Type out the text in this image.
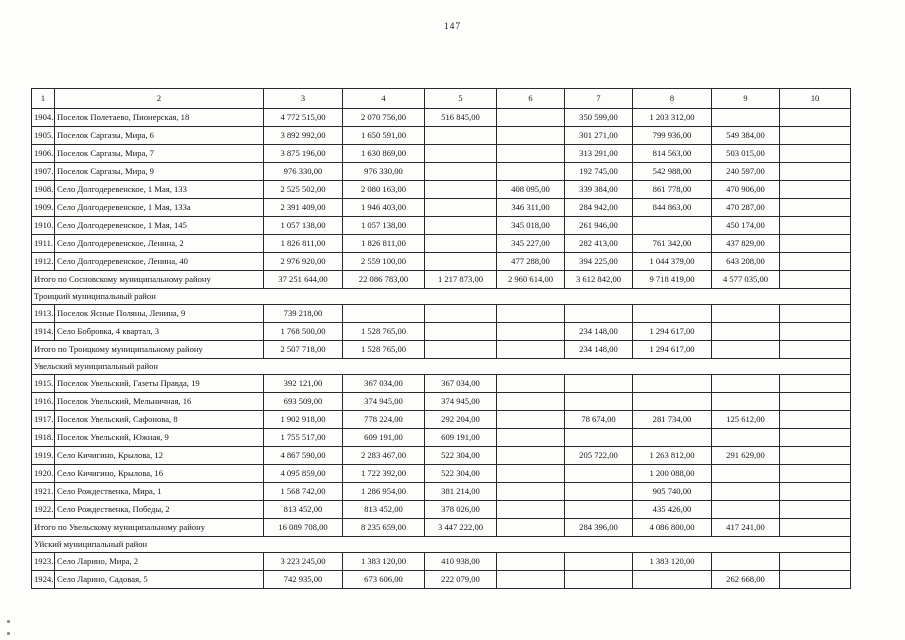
147
1	2	3	4	5	6	7	8	9	10
1904.	Поселок Полетаево, Пионерская, 18	4 772 515,00	2 070 756,00	516 845,00		350 599,00	1 203 312,00		
1905.	Поселок Саргазы, Мира, 6	3 892 992,00	1 650 591,00			301 271,00	799 936,00	549 384,00	
1906.	Поселок Саргазы, Мира, 7	3 875 196,00	1 630 869,00			313 291,00	814 563,00	503 015,00	
1907.	Поселок Саргазы, Мира, 9	976 330,00	976 330,00			192 745,00	542 988,00	240 597,00	
1908.	Село Долгодеревенское, 1 Мая, 133	2 525 502,00	2 080 163,00		408 095,00	339 384,00	861 778,00	470 906,00	
1909.	Село Долгодеревенское, 1 Мая, 133а	2 391 409,00	1 946 403,00		346 311,00	284 942,00	844 863,00	470 287,00	
1910.	Село Долгодеревенское, 1 Мая, 145	1 057 138,00	1 057 138,00		345 018,00	261 946,00		450 174,00	
1911.	Село Долгодеревенское, Ленина, 2	1 826 811,00	1 826 811,00		345 227,00	282 413,00	761 342,00	437 829,00	
1912.	Село Долгодеревенское, Ленина, 40	2 976 920,00	2 559 100,00		477 288,00	394 225,00	1 044 379,00	643 208,00	
Итого по Сосновскому муниципальному району		37 251 644,00	22 086 783,00	1 217 873,00	2 960 614,00	3 612 842,00	9 718 419,00	4 577 035,00	
Троицкий муниципальный район									
1913.	Поселок Ясные Поляны, Ленина, 9	739 218,00							
1914.	Село Бобровка, 4 квартал, 3	1 768 500,00	1 528 765,00			234 148,00	1 294 617,00		
Итого по Троицкому муниципальному району		2 507 718,00	1 528 765,00			234 148,00	1 294 617,00		
Увельский муниципальный район									
1915.	Поселок Увельский, Газеты Правда, 19	392 121,00	367 034,00	367 034,00					
1916.	Поселок Увельский, Мельничная, 16	693 509,00	374 945,00	374 945,00					
1917.	Поселок Увельский, Сафонова, 8	1 902 918,00	778 224,00	292 204,00		78 674,00	281 734,00	125 612,00	
1918.	Поселок Увельский, Южная, 9	1 755 517,00	609 191,00	609 191,00					
1919.	Село Кичигино, Крылова, 12	4 867 590,00	2 283 467,00	522 304,00		205 722,00	1 263 812,00	291 629,00	
1920.	Село Кичигино, Крылова, 16	4 095 859,00	1 722 392,00	522 304,00			1 200 088,00		
1921.	Село Рождественка, Мира, 1	1 568 742,00	1 286 954,00	381 214,00			905 740,00		
1922.	Село Рождественка, Победы, 2	813 452,00	813 452,00	378 026,00			435 426,00		
Итого по Увельскому муниципальному району		16 089 708,00	8 235 659,00	3 447 222,00		284 396,00	4 086 800,00	417 241,00	
Уйский муниципальный район									
1923.	Село Ларино, Мира, 2	3 223 245,00	1 383 120,00	410 938,00			1 383 120,00		
1924.	Село Ларино, Садовая, 5	742 935,00	673 606,00	222 079,00				262 668,00	
